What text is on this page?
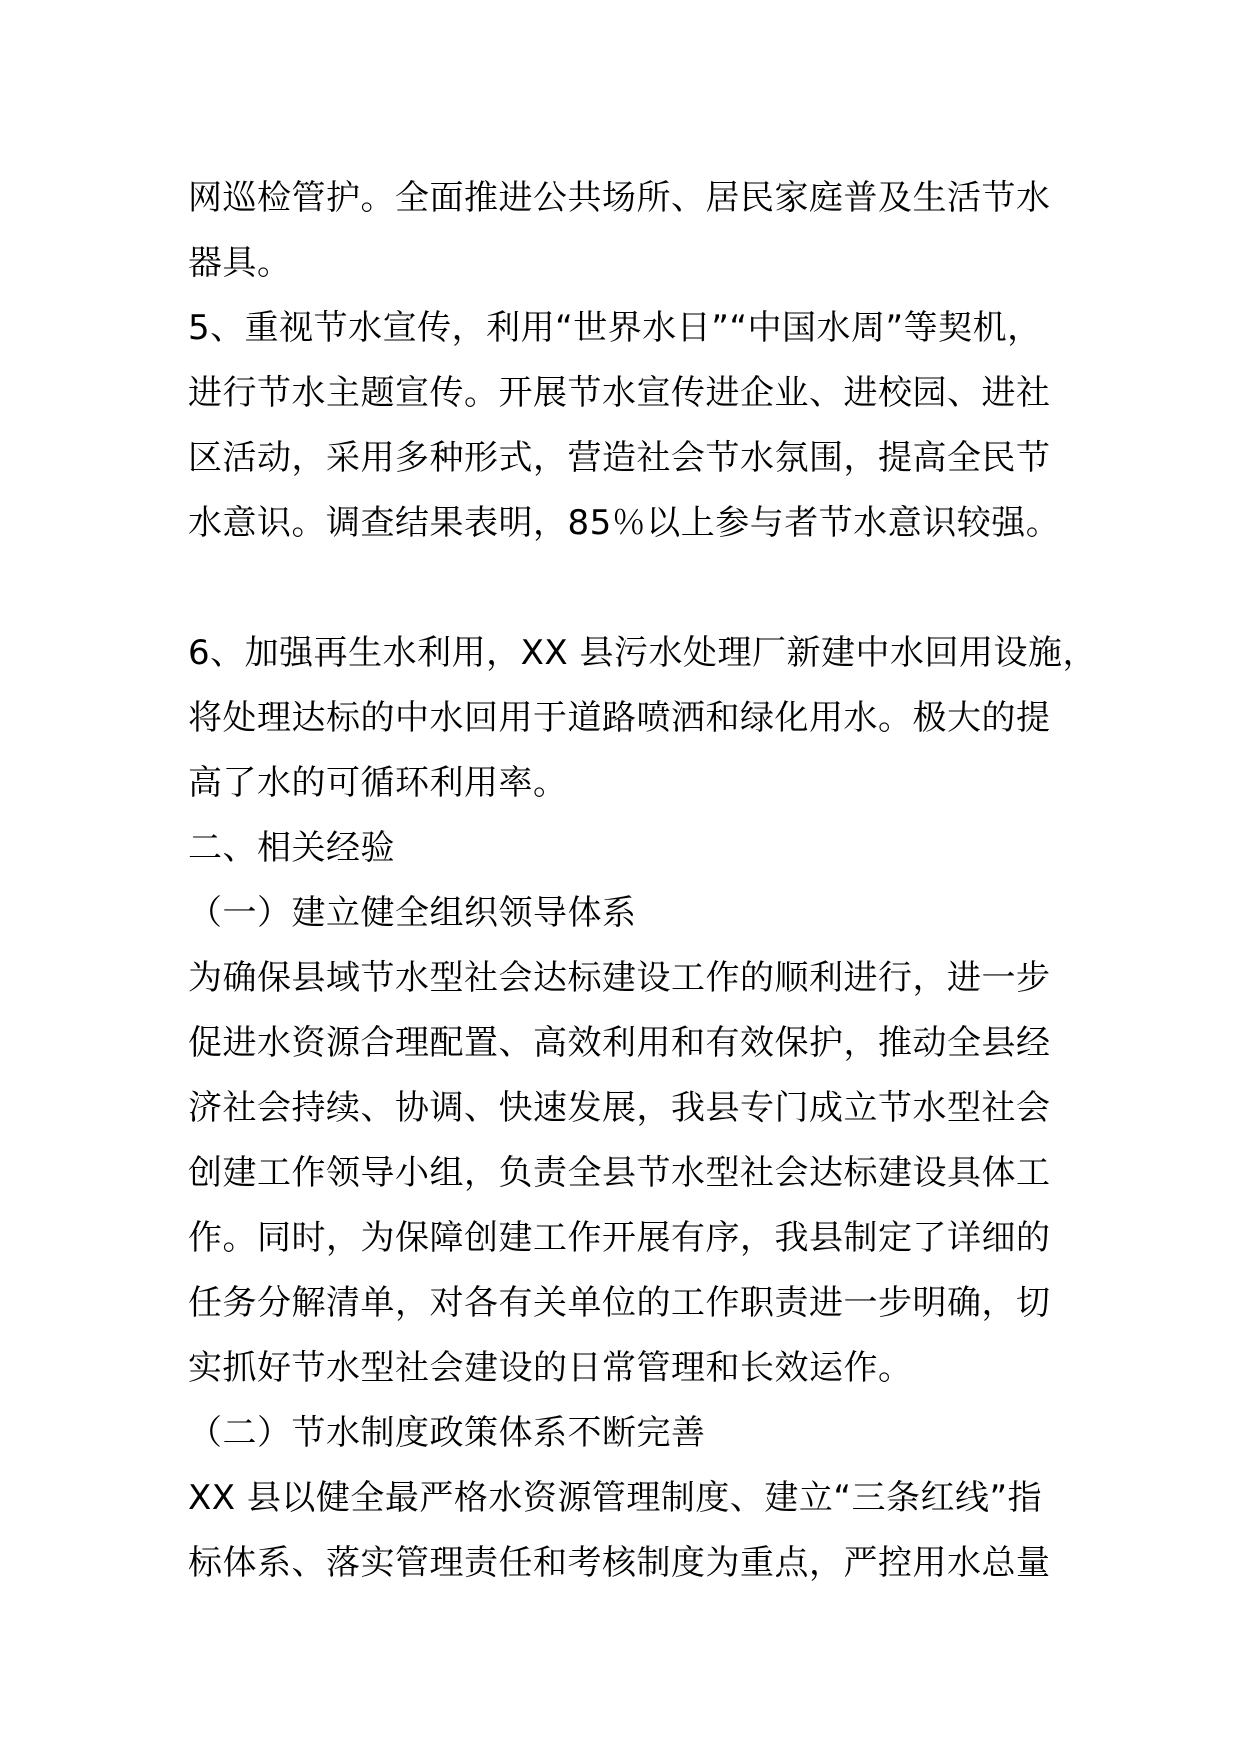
网巡检管护。全面推进公共场所、居民家庭普及生活节水
器具。
5、重视节水宣传，利用“世界水日”“中国水周”等契机，
进行节水主题宣传。开展节水宣传进企业、进校园、进社
区活动，采用多种形式，营造社会节水氛围，提高全民节
水意识。调查结果表明，85％以上参与者节水意识较强。
6、加强再生水利用，XX 县污水处理厂新建中水回用设施，
将处理达标的中水回用于道路喷洒和绿化用水。极大的提
高了水的可循环利用率。
二、相关经验
（一）建立健全组织领导体系
为确保县域节水型社会达标建设工作的顺利进行，进一步
促进水资源合理配置、高效利用和有效保护，推动全县经
济社会持续、协调、快速发展，我县专门成立节水型社会
创建工作领导小组，负责全县节水型社会达标建设具体工
作。同时，为保障创建工作开展有序，我县制定了详细的
任务分解清单，对各有关单位的工作职责进一步明确，切
实抓好节水型社会建设的日常管理和长效运作。
（二）节水制度政策体系不断完善
XX 县以健全最严格水资源管理制度、建立“三条红线”指
标体系、落实管理责任和考核制度为重点，严控用水总量
